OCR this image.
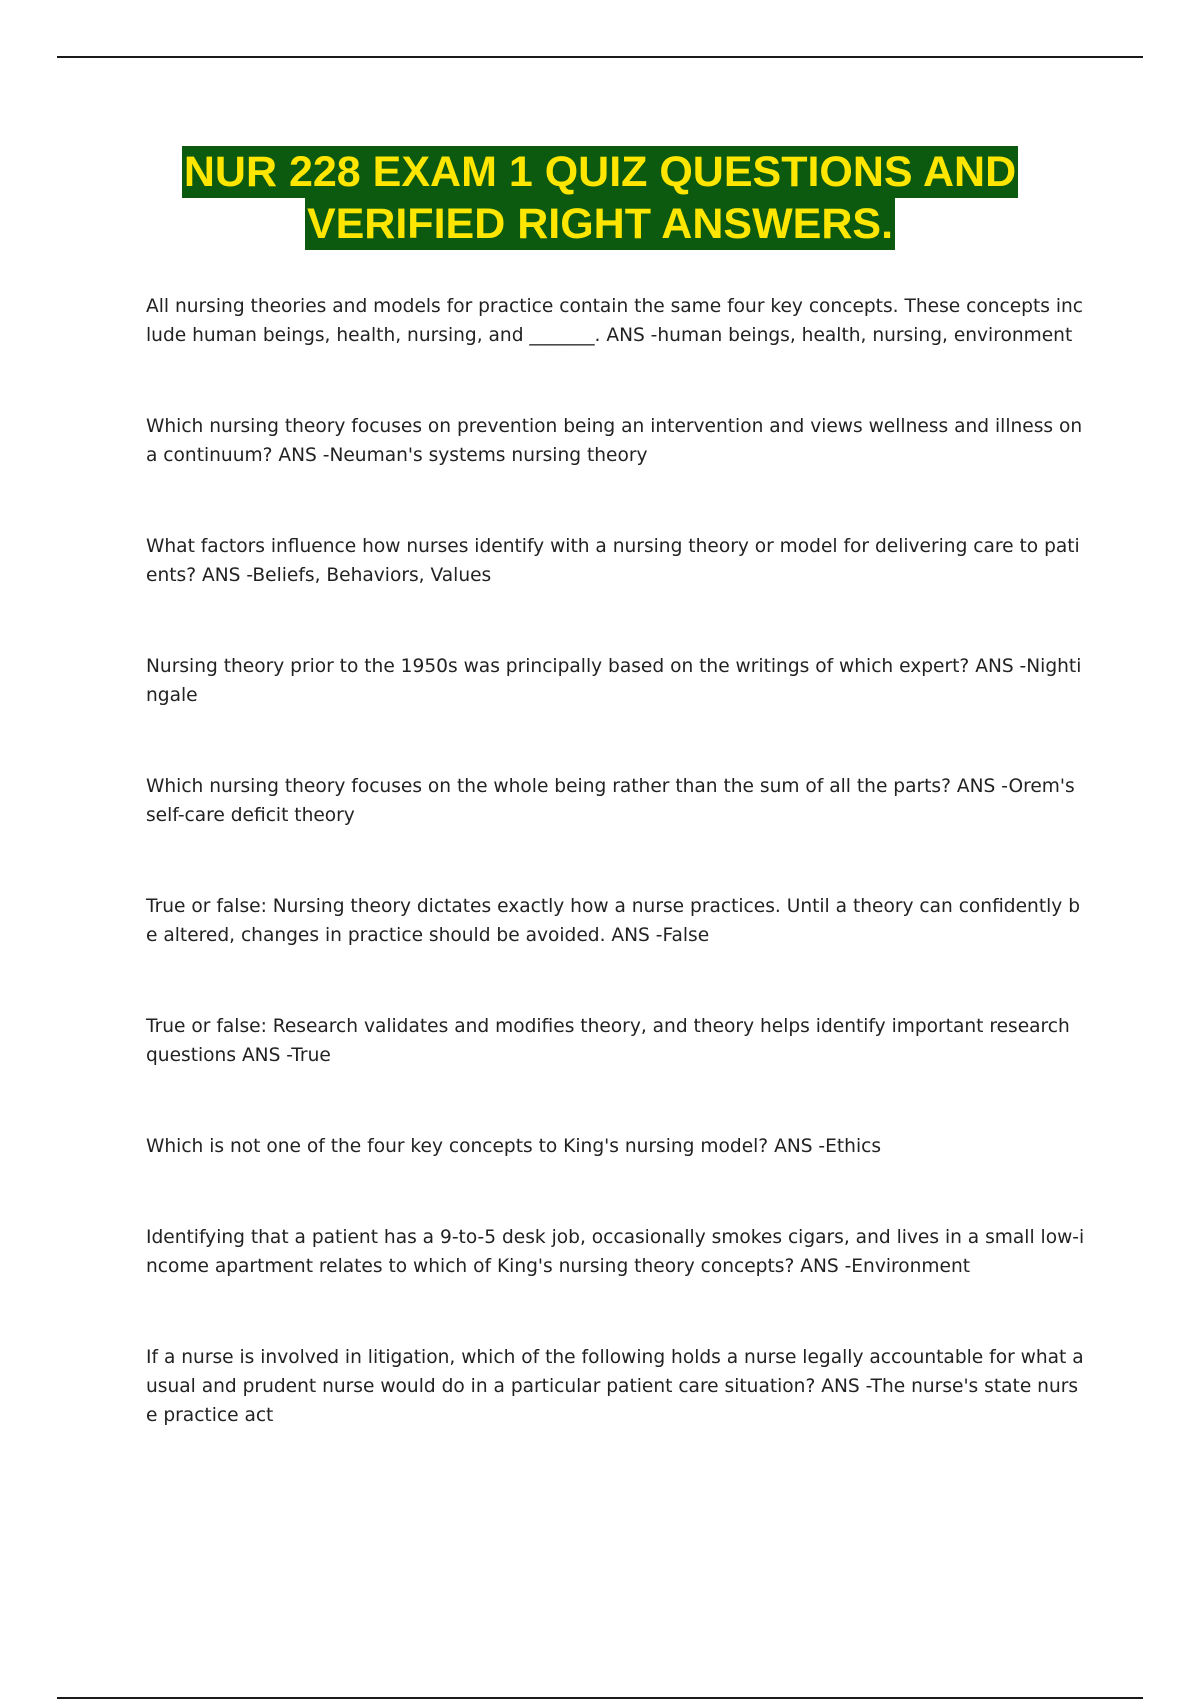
NUR 228 EXAM 1 QUIZ QUESTIONS AND
VERIFIED RIGHT ANSWERS.

All nursing theories and models for practice contain the same four key concepts. These concepts include human beings, health, nursing, and _______. ANS -human beings, health, nursing, environment

Which nursing theory focuses on prevention being an intervention and views wellness and illness on a continuum? ANS -Neuman's systems nursing theory

What factors influence how nurses identify with a nursing theory or model for delivering care to patients? ANS -Beliefs, Behaviors, Values

Nursing theory prior to the 1950s was principally based on the writings of which expert? ANS -Nightingale

Which nursing theory focuses on the whole being rather than the sum of all the parts? ANS -Orem's self-care deficit theory

True or false: Nursing theory dictates exactly how a nurse practices. Until a theory can confidently be altered, changes in practice should be avoided. ANS -False

True or false: Research validates and modifies theory, and theory helps identify important research questions ANS -True

Which is not one of the four key concepts to King's nursing model? ANS -Ethics

Identifying that a patient has a 9-to-5 desk job, occasionally smokes cigars, and lives in a small low-income apartment relates to which of King's nursing theory concepts? ANS -Environment

If a nurse is involved in litigation, which of the following holds a nurse legally accountable for what a usual and prudent nurse would do in a particular patient care situation? ANS -The nurse's state nurse practice act
